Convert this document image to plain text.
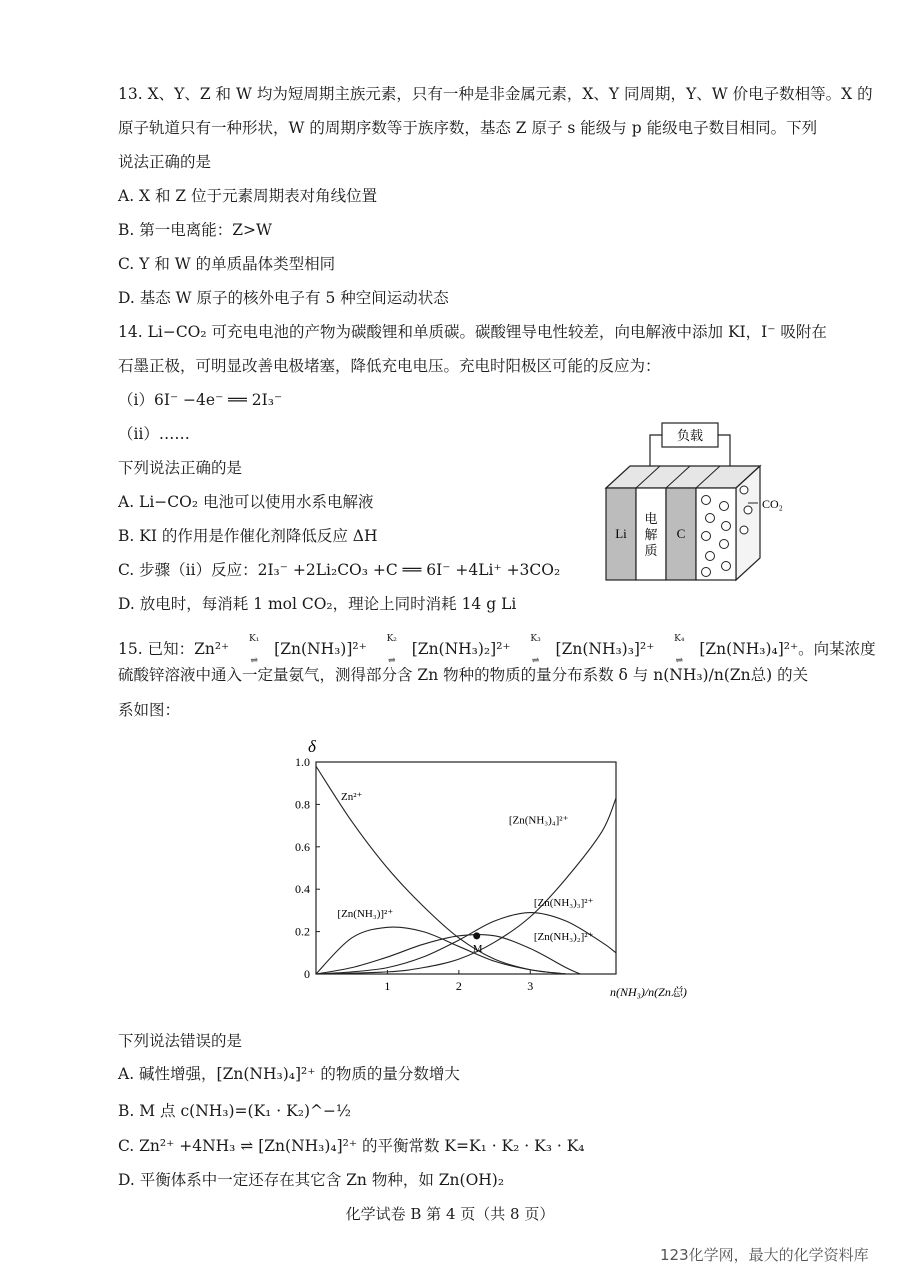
13. X、Y、Z 和 W 均为短周期主族元素，只有一种是非金属元素，X、Y 同周期，Y、W 价电子数相等。X 的
原子轨道只有一种形状，W 的周期序数等于族序数，基态 Z 原子 s 能级与 p 能级电子数目相同。下列
说法正确的是
A. X 和 Z 位于元素周期表对角线位置
B. 第一电离能：Z>W
C. Y 和 W 的单质晶体类型相同
D. 基态 W 原子的核外电子有 5 种空间运动状态
14. Li−CO₂ 可充电电池的产物为碳酸锂和单质碳。碳酸锂导电性较差，向电解液中添加 KI，I⁻ 吸附在
石墨正极，可明显改善电极堵塞，降低充电电压。充电时阳极区可能的反应为：
（ⅰ）6I⁻ −4e⁻ ══ 2I₃⁻
（ⅱ）……
下列说法正确的是
A. Li−CO₂ 电池可以使用水系电解液
B. KI 的作用是作催化剂降低反应 ΔH
C. 步骤（ⅱ）反应：2I₃⁻ +2Li₂CO₃ +C ══ 6I⁻ +4Li⁺ +3CO₂
D. 放电时，每消耗 1 mol CO₂，理论上同时消耗 14 g Li
负载
Li
电
解
质
C
CO₂
15. 已知：Zn²⁺ K₁
⇌[Zn(NH₃)]²⁺ K₂
⇌[Zn(NH₃)₂]²⁺ K₃
⇌[Zn(NH₃)₃]²⁺ K₄
⇌[Zn(NH₃)₄]²⁺。向某浓度
硫酸锌溶液中通入一定量氨气，测得部分含 Zn 物种的物质的量分布系数 δ 与 n(NH₃)/n(Zn总) 的关
系如图：
δ
0
0.2
0.4
0.6
0.8
1.0
1	2	3
Zn²⁺
[Zn(NH₃)]²⁺
[Zn(NH₃)₂]²⁺
[Zn(NH₃)₃]²⁺
[Zn(NH₃)₄]²⁺
M
n(NH₃)/n(Zn总)
下列说法错误的是
A. 碱性增强，[Zn(NH₃)₄]²⁺ 的物质的量分数增大
B. M 点 c(NH₃)=(K₁ · K₂)^−½
C. Zn²⁺ +4NH₃ ⇌ [Zn(NH₃)₄]²⁺ 的平衡常数 K=K₁ · K₂ · K₃ · K₄
D. 平衡体系中一定还存在其它含 Zn 物种，如 Zn(OH)₂
化学试卷 B 第 4 页（共 8 页）
123化学网，最大的化学资料库
